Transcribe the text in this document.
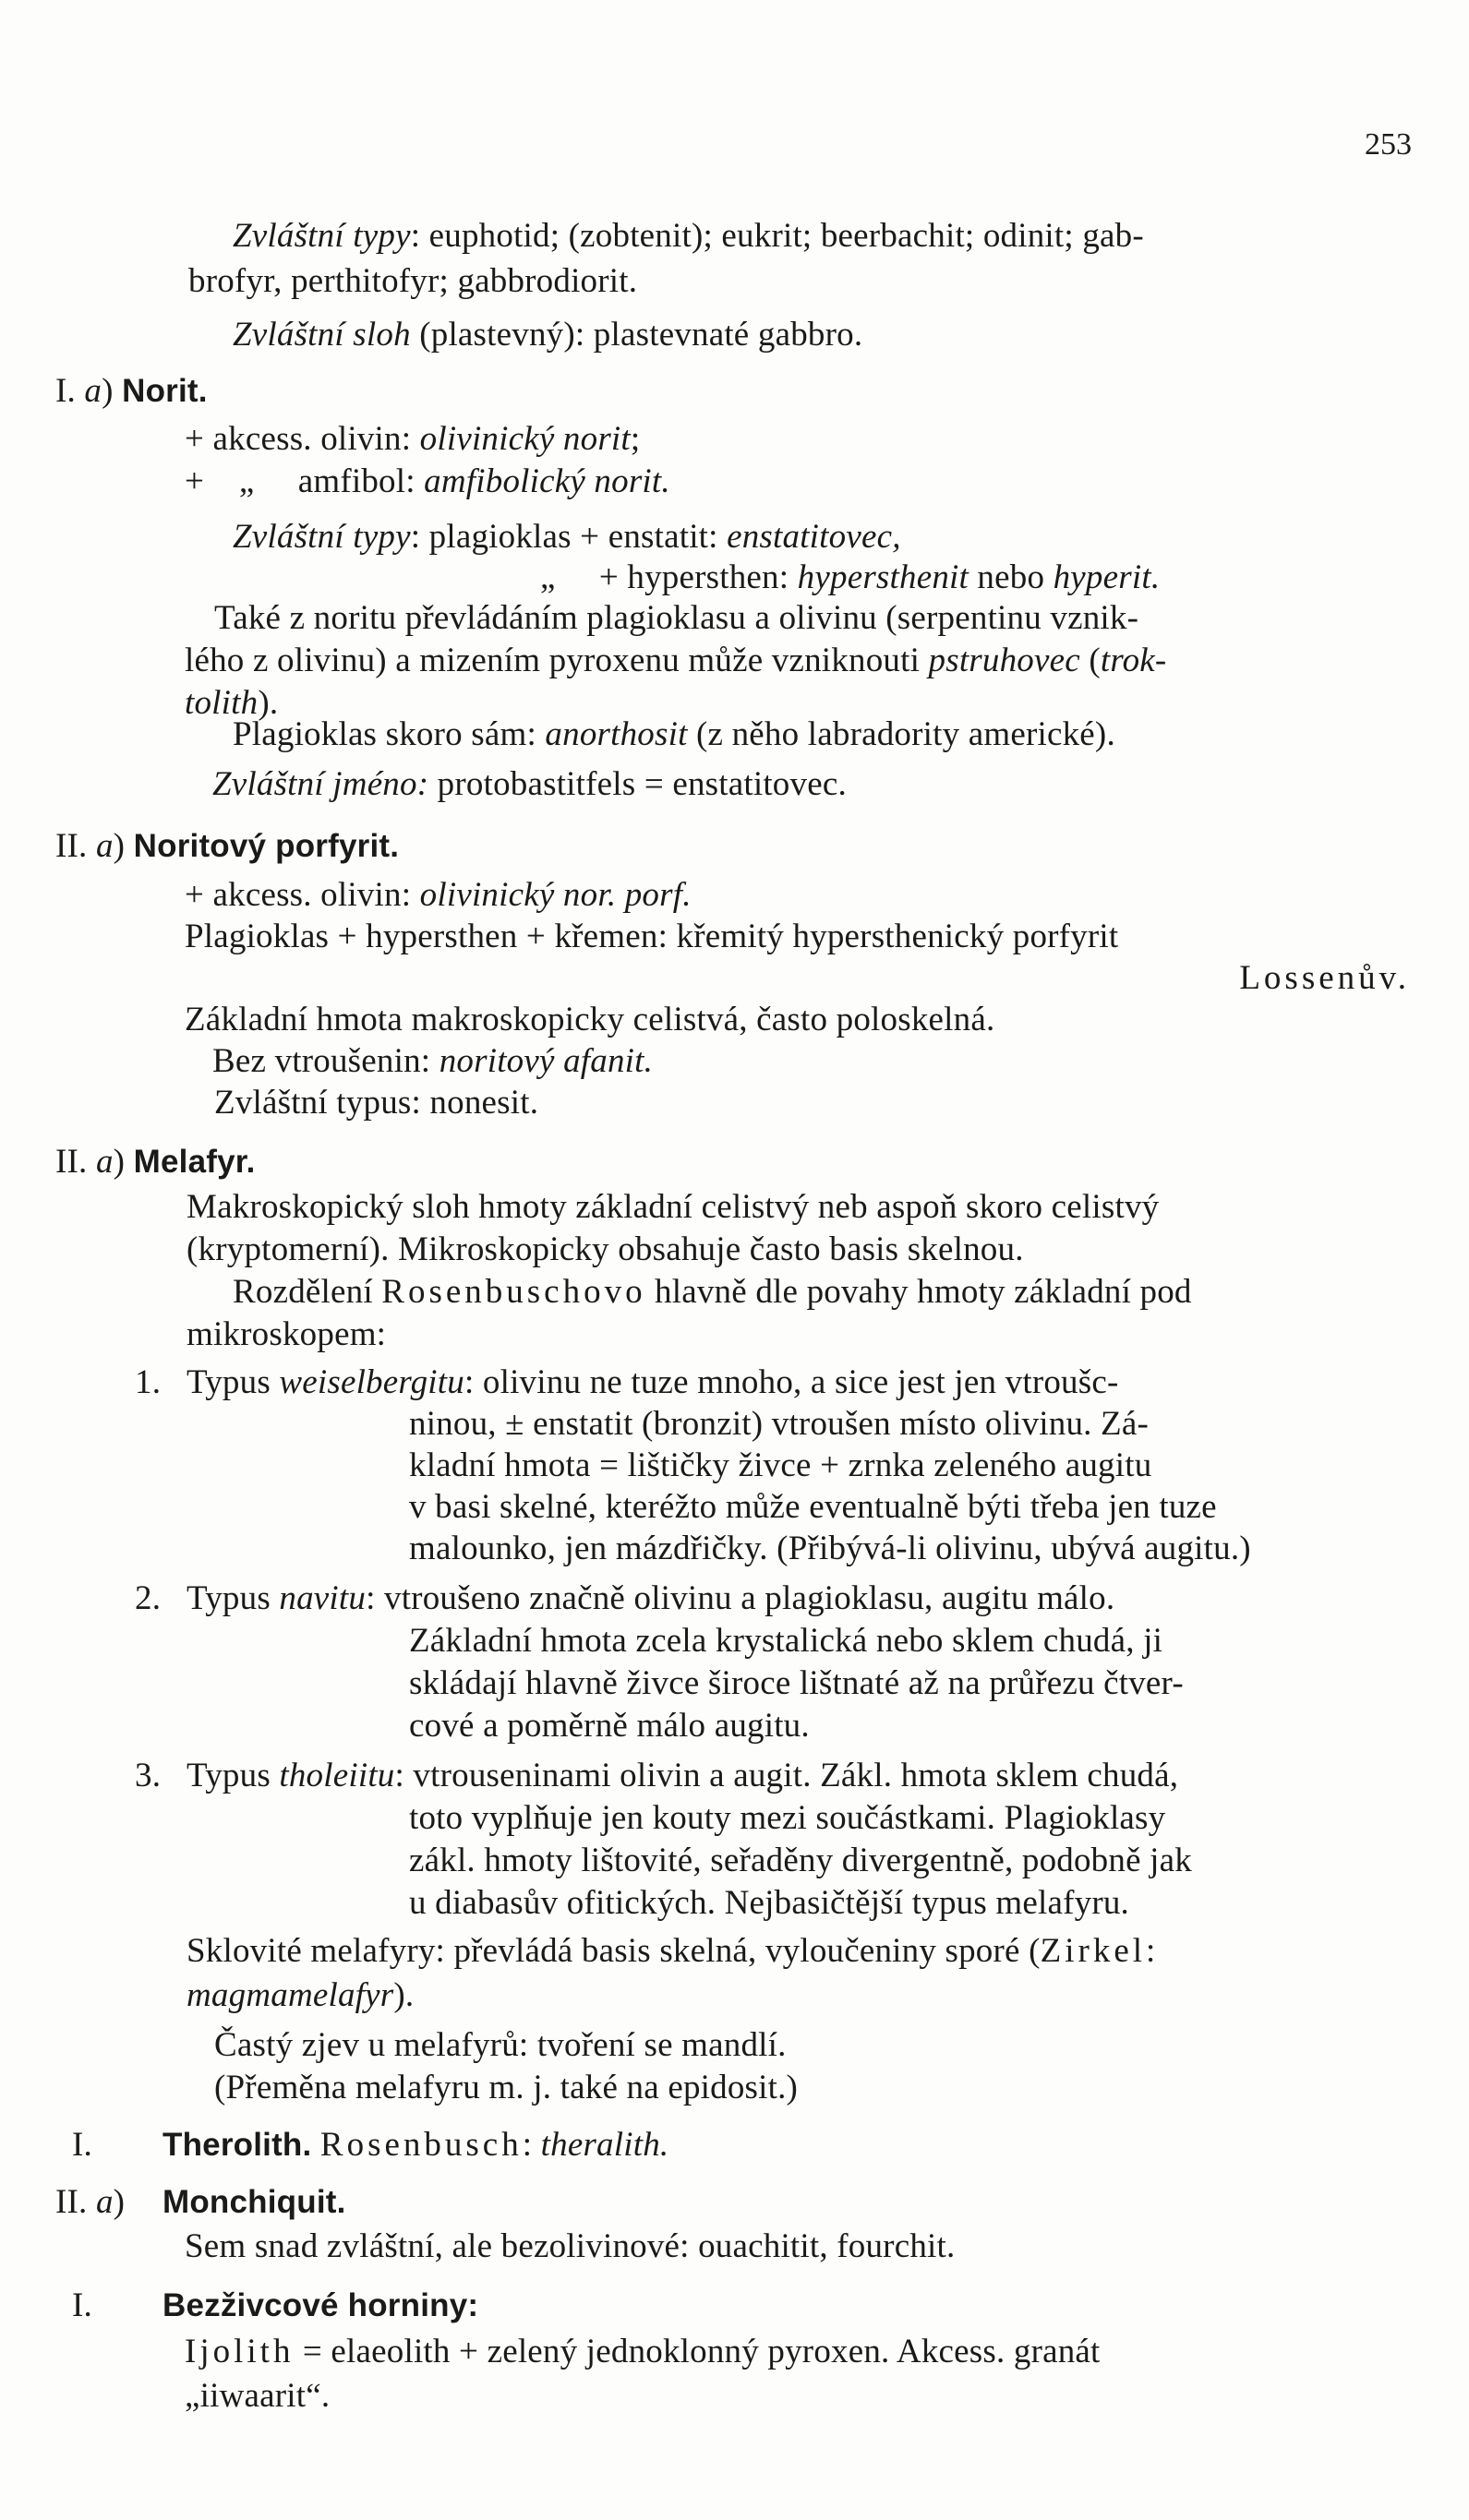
253
Zvláštní typy: euphotid; (zobtenit); eukrit; beerbachit; odinit; gab-
brofyr, perthitofyr; gabbrodiorit.
Zvláštní sloh (plastevný): plastevnaté gabbro.
I. a) Norit.
+ akcess. olivin: olivinický norit;
+    „     amfibol: amfibolický norit.
Zvláštní typy: plagioklas + enstatit: enstatitovec,
„     + hypersthen: hypersthenit nebo hyperit.
Také z noritu převládáním plagioklasu a olivinu (serpentinu vznik-
lého z olivinu) a mizením pyroxenu může vzniknouti pstruhovec (trok-
tolith).
Plagioklas skoro sám: anorthosit (z něho labradority americké).
Zvláštní jméno: protobastitfels = enstatitovec.
II. a) Noritový porfyrit.
+ akcess. olivin: olivinický nor. porf.
Plagioklas + hypersthen + křemen: křemitý hypersthenický porfyrit
Lossenův.
Základní hmota makroskopicky celistvá, často poloskelná.
Bez vtroušenin: noritový afanit.
Zvláštní typus: nonesit.
II. a) Melafyr.
Makroskopický sloh hmoty základní celistvý neb aspoň skoro celistvý
(kryptomerní). Mikroskopicky obsahuje často basis skelnou.
Rozdělení Rosenbuschovo hlavně dle povahy hmoty základní pod
mikroskopem:
1. Typus weiselbergitu: olivinu ne tuze mnoho, a sice jest jen vtroušc-
ninou, ± enstatit (bronzit) vtroušen místo olivinu. Zá-
kladní hmota = lištičky živce + zrnka zeleného augitu
v basi skelné, kteréžto může eventualně býti třeba jen tuze
malounko, jen mázdřičky. (Přibývá-li olivinu, ubývá augitu.)
2. Typus navitu: vtroušeno značně olivinu a plagioklasu, augitu málo.
Základní hmota zcela krystalická nebo sklem chudá, ji
skládají hlavně živce široce lištnaté až na průřezu čtver-
cové a poměrně málo augitu.
3. Typus tholeiitu: vtrouseninami olivin a augit. Zákl. hmota sklem chudá,
toto vyplňuje jen kouty mezi součástkami. Plagioklasy
zákl. hmoty lištovité, seřaděny divergentně, podobně jak
u diabasův ofitických. Nejbasičtější typus melafyru.
Sklovité melafyry: převládá basis skelná, vyloučeniny sporé (Zirkel:
magmamelafyr).
Častý zjev u melafyrů: tvoření se mandlí.
(Přeměna melafyru m. j. také na epidosit.)
I. Therolith. Rosenbusch: theralith.
II. a) Monchiquit.
Sem snad zvláštní, ale bezolivinové: ouachitit, fourchit.
I. Bezživcové horniny:
Ijolith = elaeolith + zelený jednoklonný pyroxen. Akcess. granát
„iiwaarit“.
